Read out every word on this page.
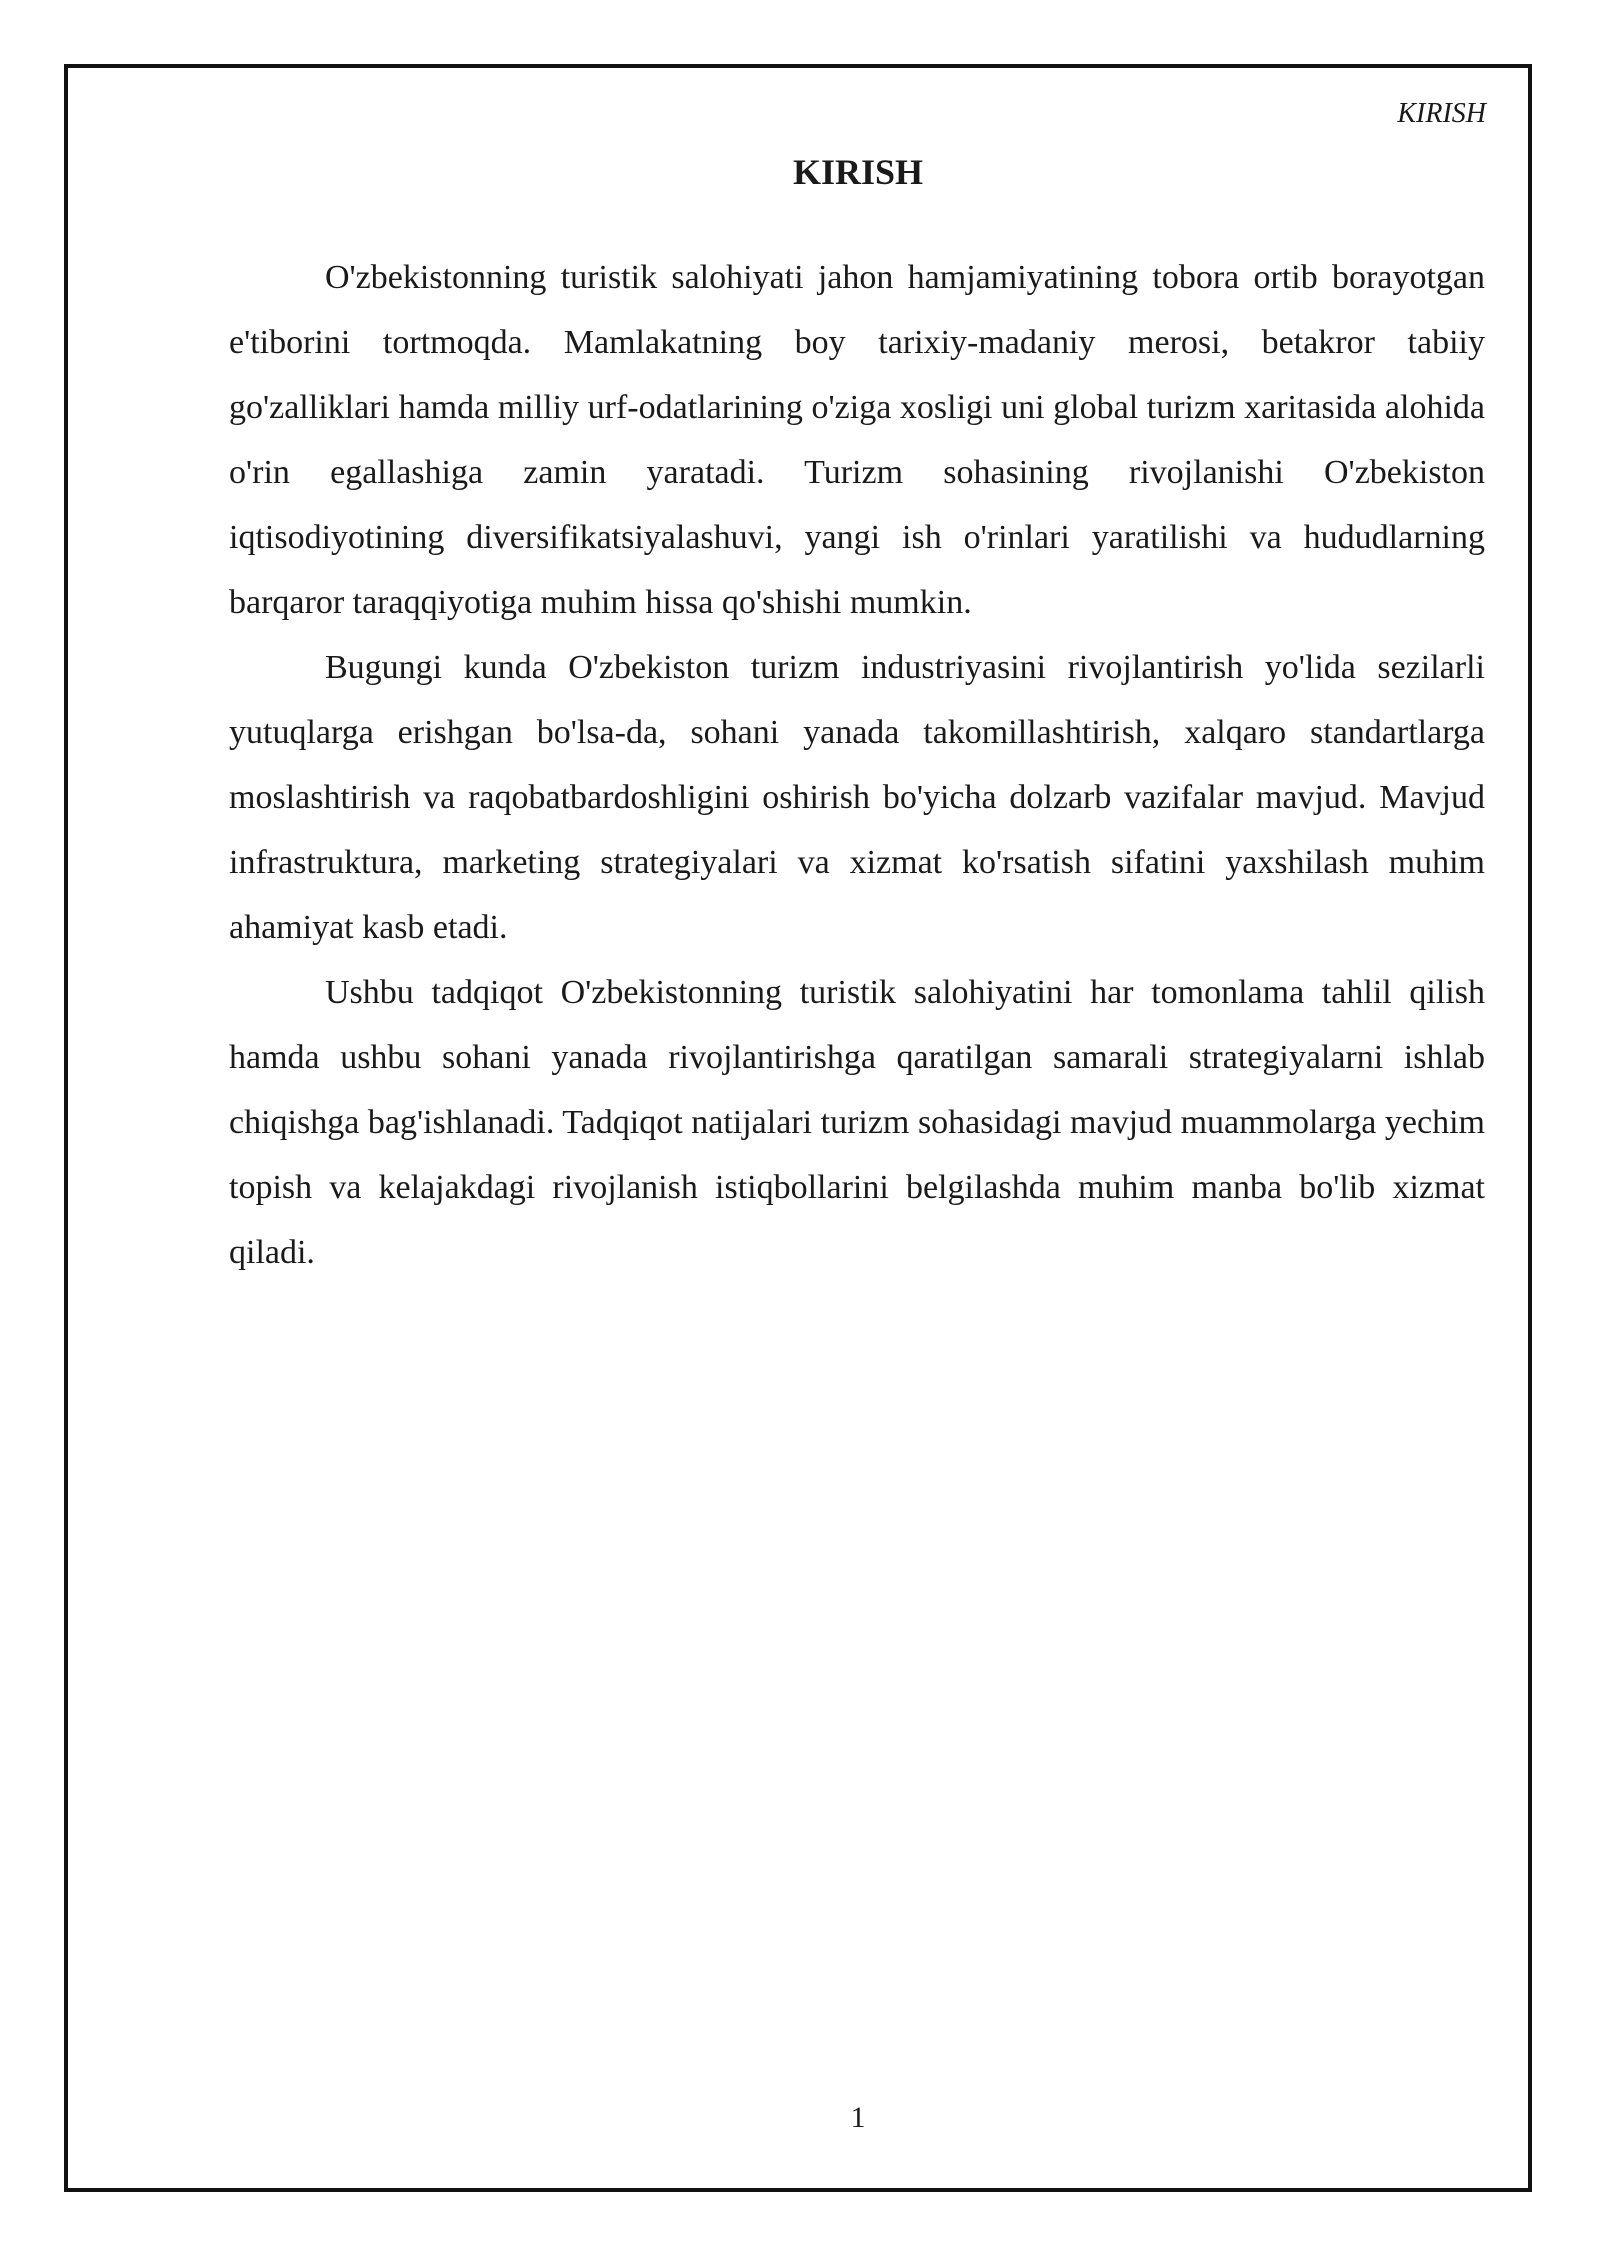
KIRISH
KIRISH

O'zbekistonning turistik salohiyati jahon hamjamiyatining tobora ortib borayotgan e'tiborini tortmoqda. Mamlakatning boy tarixiy-madaniy merosi, betakror tabiiy go'zalliklari hamda milliy urf-odatlarining o'ziga xosligi uni global turizm xaritasida alohida o'rin egallashiga zamin yaratadi. Turizm sohasining rivojlanishi O'zbekiston iqtisodiyotining diversifikatsiyalashuvi, yangi ish o'rinlari yaratilishi va hududlarning barqaror taraqqiyotiga muhim hissa qo'shishi mumkin.

Bugungi kunda O'zbekiston turizm industriyasini rivojlantirish yo'lida sezilarli yutuqlarga erishgan bo'lsa-da, sohani yanada takomillashtirish, xalqaro standartlarga moslashtirish va raqobatbardoshligini oshirish bo'yicha dolzarb vazifalar mavjud. Mavjud infrastruktura, marketing strategiyalari va xizmat ko'rsatish sifatini yaxshilash muhim ahamiyat kasb etadi.

Ushbu tadqiqot O'zbekistonning turistik salohiyatini har tomonlama tahlil qilish hamda ushbu sohani yanada rivojlantirishga qaratilgan samarali strategiyalarni ishlab chiqishga bag'ishlanadi. Tadqiqot natijalari turizm sohasidagi mavjud muammolarga yechim topish va kelajakdagi rivojlanish istiqbollarini belgilashda muhim manba bo'lib xizmat qiladi.

1
